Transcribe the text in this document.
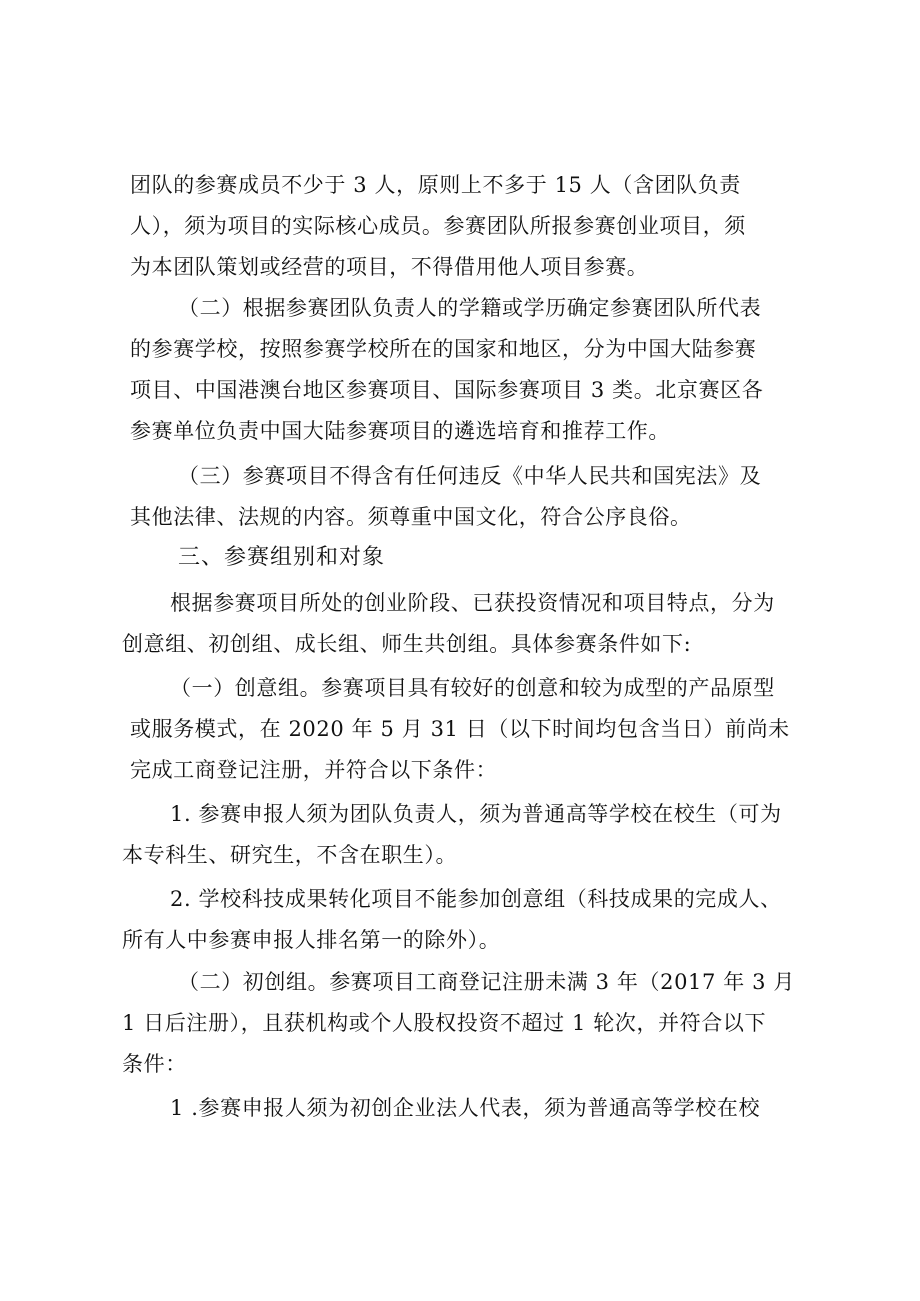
团队的参赛成员不少于 3 人，原则上不多于 15 人（含团队负责
人），须为项目的实际核心成员。参赛团队所报参赛创业项目，须
为本团队策划或经营的项目，不得借用他人项目参赛。
（二）根据参赛团队负责人的学籍或学历确定参赛团队所代表
的参赛学校，按照参赛学校所在的国家和地区，分为中国大陆参赛
项目、中国港澳台地区参赛项目、国际参赛项目 3 类。北京赛区各
参赛单位负责中国大陆参赛项目的遴选培育和推荐工作。
（三）参赛项目不得含有任何违反《中华人民共和国宪法》及
其他法律、法规的内容。须尊重中国文化，符合公序良俗。
三、参赛组别和对象
根据参赛项目所处的创业阶段、已获投资情况和项目特点，分为
创意组、初创组、成长组、师生共创组。具体参赛条件如下:
（一）创意组。参赛项目具有较好的创意和较为成型的产品原型
或服务模式，在 2020 年 5 月 31 日（以下时间均包含当日）前尚未
完成工商登记注册，并符合以下条件：
1. 参赛申报人须为团队负责人，须为普通高等学校在校生（可为
本专科生、研究生，不含在职生）。
2. 学校科技成果转化项目不能参加创意组（科技成果的完成人、
所有人中参赛申报人排名第一的除外）。
（二）初创组。参赛项目工商登记注册未满 3 年（2017 年 3 月
1 日后注册），且获机构或个人股权投资不超过 1 轮次，并符合以下
条件：
1 .参赛申报人须为初创企业法人代表，须为普通高等学校在校
